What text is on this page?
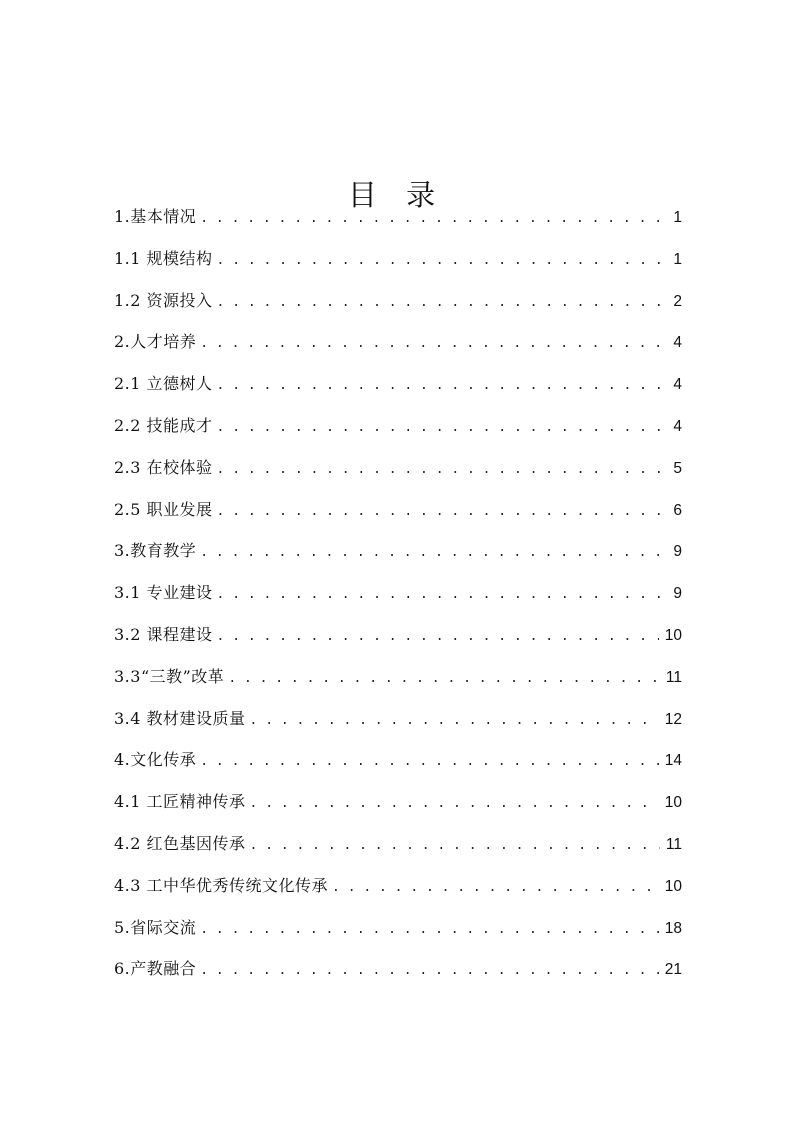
目 录
1.基本情况 . . .	1
1.1 规模结构 . . .	1
1.2 资源投入 . . .	2
2.人才培养 . . .	4
2.1 立德树人 . . .	4
2.2 技能成才 . . .	4
2.3 在校体验 . . .	5
2.5 职业发展 . . .	6
3.教育教学 . . .	9
3.1 专业建设 . . .	9
3.2 课程建设 . . .	10
3.3“三教”改革 . . .	11
3.4 教材建设质量 . . .	12
4.文化传承 . . .	14
4.1 工匠精神传承 . . .	10
4.2 红色基因传承 . . .	11
4.3 工中华优秀传统文化传承 . . .	10
5.省际交流 . . .	18
6.产教融合 . . .	21
